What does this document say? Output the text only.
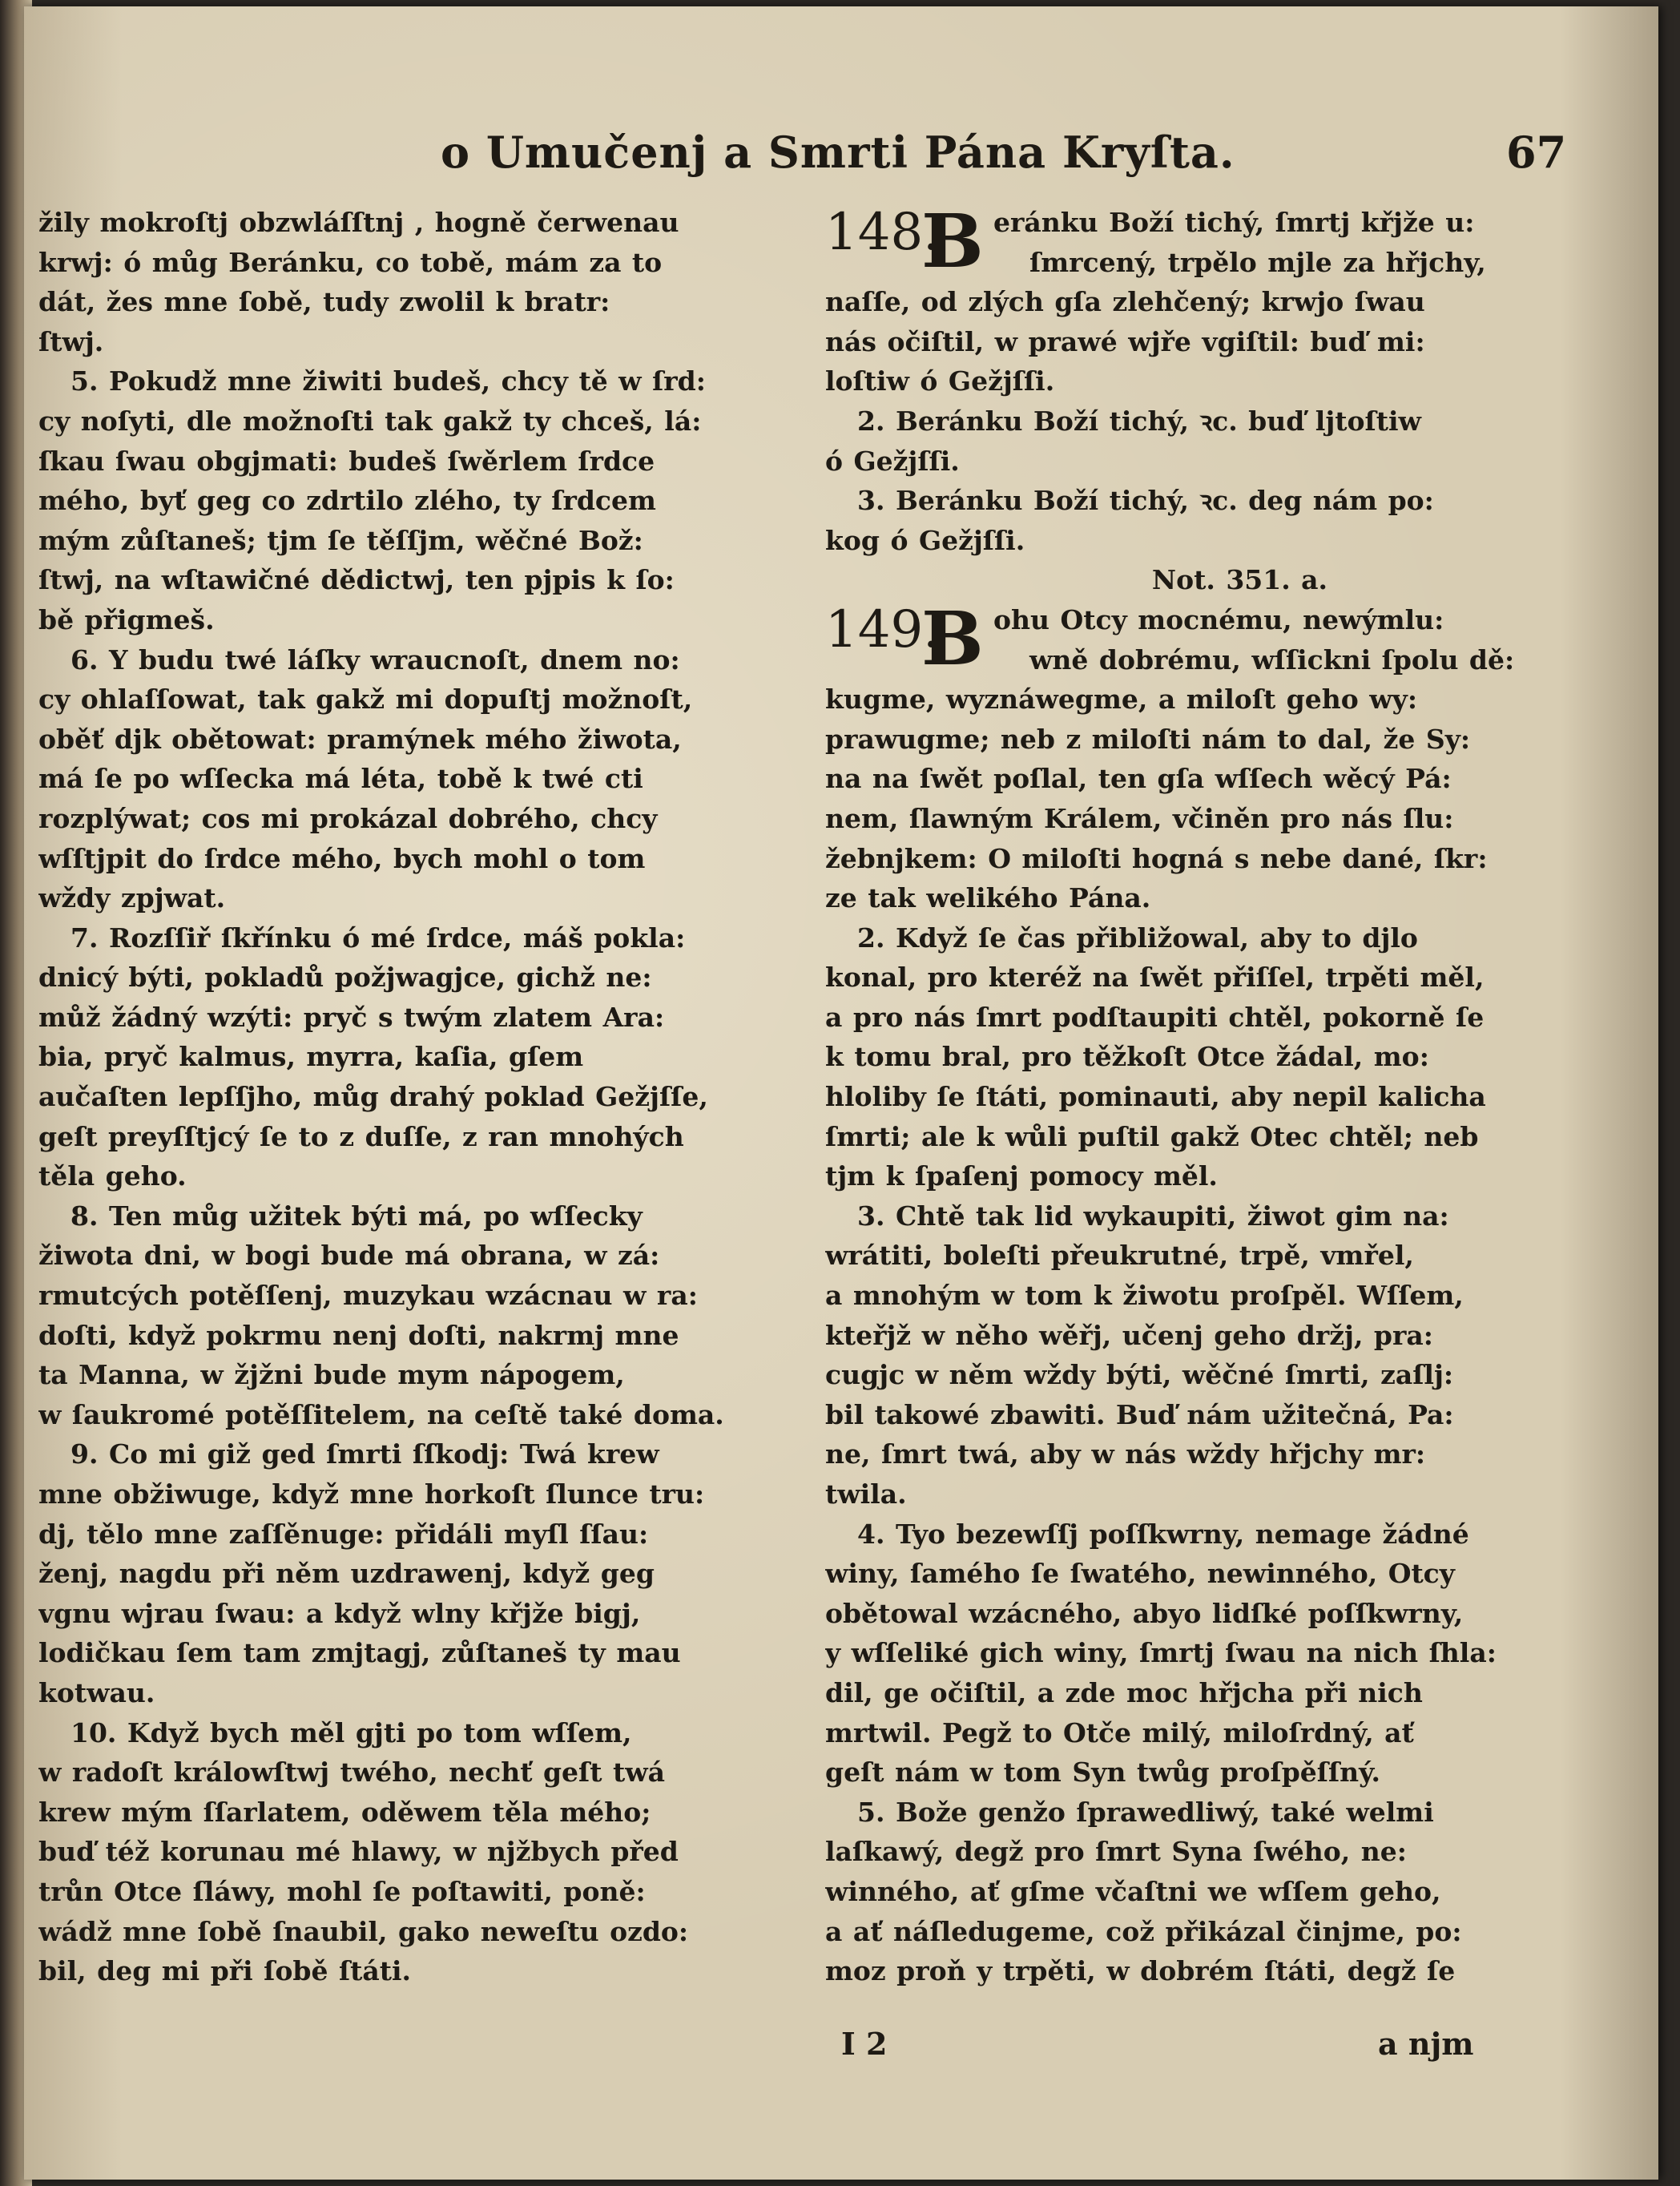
o Umučenj a Smrti Pána Kryſta.	67
žily mokroſtj obzwláſſtnj , hogně čerwenau
krwj: ó můg Beránku, co tobě, mám za to
dát, žes mne ſobě, tudy zwolil k bratr:
ſtwj.
5. Pokudž mne žiwiti budeš, chcy tě w ſrd:
cy noſyti, dle možnoſti tak gakž ty chceš, lá:
ſkau ſwau obgjmati: budeš ſwěrlem ſrdce
mého, byť geg co zdrtilo zlého, ty ſrdcem
mým zůſtaneš; tjm ſe těſſjm, wěčné Bož:
ſtwj, na wſtawičné dědictwj, ten pjpis k ſo:
bě přigmeš.
6. Y budu twé láſky wraucnoſt, dnem no:
cy ohlaſſowat, tak gakž mi dopuſtj možnoſt,
oběť djk obětowat: pramýnek mého žiwota,
má ſe po wſſecka má léta, tobě k twé cti
rozplýwat; cos mi prokázal dobrého, chcy
wſſtjpit do ſrdce mého, bych mohl o tom
wždy zpjwat.
7. Rozſſiř ſkřínku ó mé ſrdce, máš pokla:
dnicý býti, pokladů požjwagjce, gichž ne:
můž žádný wzýti: pryč s twým zlatem Ara:
bia, pryč kalmus, myrra, kaſia, gſem
aučaſten lepſſjho, můg drahý poklad Gežjſſe,
geſt preyſſtjcý ſe to z duſſe, z ran mnohých
těla geho.
8. Ten můg užitek býti má, po wſſecky
žiwota dni, w bogi bude má obrana, w zá:
rmutcých potěſſenj, muzykau wzácnau w ra:
doſti, když pokrmu nenj doſti, nakrmj mne
ta Manna, w žjžni bude mym nápogem,
w ſaukromé potěſſitelem, na ceſtě také doma.
9. Co mi giž ged ſmrti ſſkodj: Twá krew
mne obžiwuge, když mne horkoſt ſlunce tru:
dj, tělo mne zaſſěnuge: přidáli myſl ſſau:
ženj, nagdu při něm uzdrawenj, když geg
vgnu wjrau ſwau: a když wlny křjže bigj,
lodičkau ſem tam zmjtagj, zůſtaneš ty mau
kotwau.
10. Když bych měl gjti po tom wſſem,
w radoſt králowſtwj twého, nechť geſt twá
krew mým ſſarlatem, oděwem těla mého;
buď též korunau mé hlawy, w njžbych před
trůn Otce ſláwy, mohl ſe poſtawiti, poně:
wádž mne ſobě ſnaubil, gako neweſtu ozdo:
bil, deg mi při ſobě ſtáti.
148.
B eránku Boží tichý, ſmrtj křjže u:
ſmrcený, trpělo mjle za hřjchy,
naſſe, od zlých gſa zlehčený; krwjo ſwau
nás očiſtil, w prawé wjře vgiſtil: buď mi:
loſtiw ó Gežjſſi.
2. Beránku Boží tichý, ꝛc. buď ljtoſtiw
ó Gežjſſi.
3. Beránku Boží tichý, ꝛc. deg nám po:
kog ó Gežjſſi.
Not. 351. a.
149.
B ohu Otcy mocnému, newýmlu:
wně dobrému, wſſickni ſpolu dě:
kugme, wyznáwegme, a miloſt geho wy:
prawugme; neb z miloſti nám to dal, že Sy:
na na ſwět poſlal, ten gſa wſſech wěcý Pá:
nem, ſlawným Králem, včiněn pro nás ſlu:
žebnjkem: O miloſti hogná s nebe dané, ſkr:
ze tak welikého Pána.
2. Když ſe čas přibližowal, aby to djlo
konal, pro kteréž na ſwět přiſſel, trpěti měl,
a pro nás ſmrt podſtaupiti chtěl, pokorně ſe
k tomu bral, pro těžkoſt Otce žádal, mo:
hloliby ſe ſtáti, pominauti, aby nepil kalicha
ſmrti; ale k wůli puſtil gakž Otec chtěl; neb
tjm k ſpaſenj pomocy měl.
3. Chtě tak lid wykaupiti, žiwot gim na:
wrátiti, boleſti přeukrutné, trpě, vmřel,
a mnohým w tom k žiwotu proſpěl. Wſſem,
kteřjž w něho wěřj, učenj geho držj, pra:
cugjc w něm wždy býti, wěčné ſmrti, zaſlj:
bil takowé zbawiti. Buď nám užitečná, Pa:
ne, ſmrt twá, aby w nás wždy hřjchy mr:
twila.
4. Tyo bezewſſj poſſkwrny, nemage žádné
winy, ſamého ſe ſwatého, newinného, Otcy
obětowal wzácného, abyo lidſké poſſkwrny,
y wſſeliké gich winy, ſmrtj ſwau na nich ſhla:
dil, ge očiſtil, a zde moc hřjcha při nich
mrtwil. Pegž to Otče milý, miloſrdný, ať
geſt nám w tom Syn twůg proſpěſſný.
5. Bože genžo ſprawedliwý, také welmi
laſkawý, degž pro ſmrt Syna ſwého, ne:
winného, ať gſme včaſtni we wſſem geho,
a ať náſledugeme, což přikázal činjme, po:
moz proň y trpěti, w dobrém ſtáti, degž ſe
I 2	a njm
